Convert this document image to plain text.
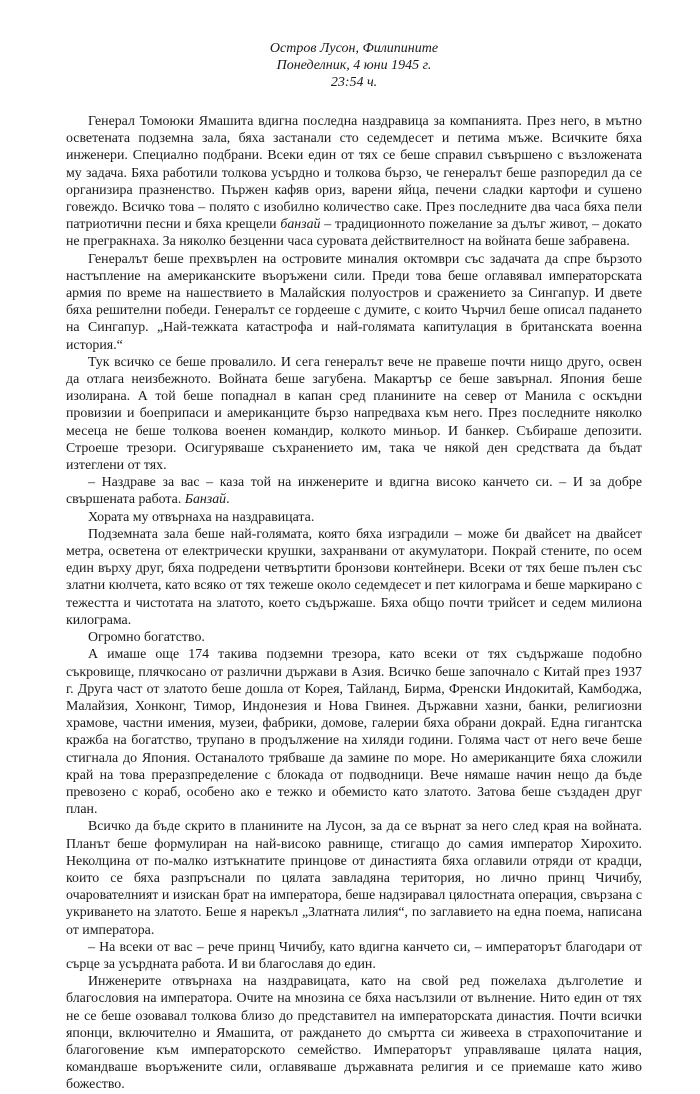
Остров Лусон, Филипините
Понеделник, 4 юни 1945 г.
23:54 ч.

Генерал Томоюки Ямашита вдигна последна наздравица за компанията. През него, в мътно осветената подземна зала, бяха застанали сто седемдесет и петима мъже. Всичките бяха инженери. Специално подбрани. Всеки един от тях се беше справил съвършено с възложената му задача. Бяха работили толкова усърдно и толкова бързо, че генералът беше разпоредил да се организира празненство. Пържен кафяв ориз, варени яйца, печени сладки картофи и сушено говеждо. Всичко това – полято с изобилно количество саке. През последните два часа бяха пели патриотични песни и бяха крещели банзай – традиционното пожелание за дълъг живот, – докато не прегракнаха. За няколко безценни часа суровата действителност на войната беше забравена.

Генералът беше прехвърлен на островите миналия октомври със задачата да спре бързото настъпление на американските въоръжени сили. Преди това беше оглавявал императорската армия по време на нашествието в Малайския полуостров и сражението за Сингапур. И двете бяха решителни победи. Генералът се гордееше с думите, с които Чърчил беше описал падането на Сингапур. „Най-тежката катастрофа и най-голямата капитулация в британската военна история.“

Тук всичко се беше провалило. И сега генералът вече не правеше почти нищо друго, освен да отлага неизбежното. Войната беше загубена. Макартър се беше завърнал. Япония беше изолирана. А той беше попаднал в капан сред планините на север от Манила с оскъдни провизии и боеприпаси и американците бързо напредваха към него. През последните няколко месеца не беше толкова военен командир, колкото миньор. И банкер. Събираше депозити. Строеше трезори. Осигуряваше съхранението им, така че някой ден средствата да бъдат изтеглени от тях.

– Наздраве за вас – каза той на инженерите и вдигна високо канчето си. – И за добре свършената работа. Банзай.

Хората му отвърнаха на наздравицата.

Подземната зала беше най-голямата, която бяха изградили – може би двайсет на двайсет метра, осветена от електрически крушки, захранвани от акумулатори. Покрай стените, по осем един върху друг, бяха подредени четвъртити бронзови контейнери. Всеки от тях беше пълен със златни кюлчета, като всяко от тях тежеше около седемдесет и пет килограма и беше маркирано с тежестта и чистотата на златото, което съдържаше. Бяха общо почти трийсет и седем милиона килограма.

Огромно богатство.

А имаше още 174 такива подземни трезора, като всеки от тях съдържаше подобно съкровище, плячкосано от различни държави в Азия. Всичко беше започнало с Китай през 1937 г. Друга част от златото беше дошла от Корея, Тайланд, Бирма, Френски Индокитай, Камбоджа, Малайзия, Хонконг, Тимор, Индонезия и Нова Гвинея. Държавни хазни, банки, религиозни храмове, частни имения, музеи, фабрики, домове, галерии бяха обрани докрай. Една гигантска кражба на богатство, трупано в продължение на хиляди години. Голяма част от него вече беше стигнала до Япония. Останалото трябваше да замине по море. Но американците бяха сложили край на това преразпределение с блокада от подводници. Вече нямаше начин нещо да бъде превозено с кораб, особено ако е тежко и обемисто като златото. Затова беше създаден друг план.

Всичко да бъде скрито в планините на Лусон, за да се върнат за него след края на войната. Планът беше формулиран на най-високо равнище, стигащо до самия император Хирохито. Неколцина от по-малко изтъкнатите принцове от династията бяха оглавили отряди от крадци, които се бяха разпръснали по цялата завладяна територия, но лично принц Чичибу, очарователният и изискан брат на императора, беше надзиравал цялостната операция, свързана с укриването на златото. Беше я нарекъл „Златната лилия“, по заглавието на една поема, написана от императора.

– На всеки от вас – рече принц Чичибу, като вдигна канчето си, – императорът благодари от сърце за усърдната работа. И ви благославя до един.

Инженерите отвърнаха на наздравицата, като на свой ред пожелаха дълголетие и благословия на императора. Очите на мнозина се бяха насълзили от вълнение. Нито един от тях не се беше озовавал толкова близо до представител на императорската династия. Почти всички японци, включително и Ямашита, от раждането до смъртта си живееха в страхопочитание и благоговение към императорското семейство. Императорът управляваше цялата нация, командваше въоръжените сили, оглавяваше държавната религия и се приемаше като живо божество.
